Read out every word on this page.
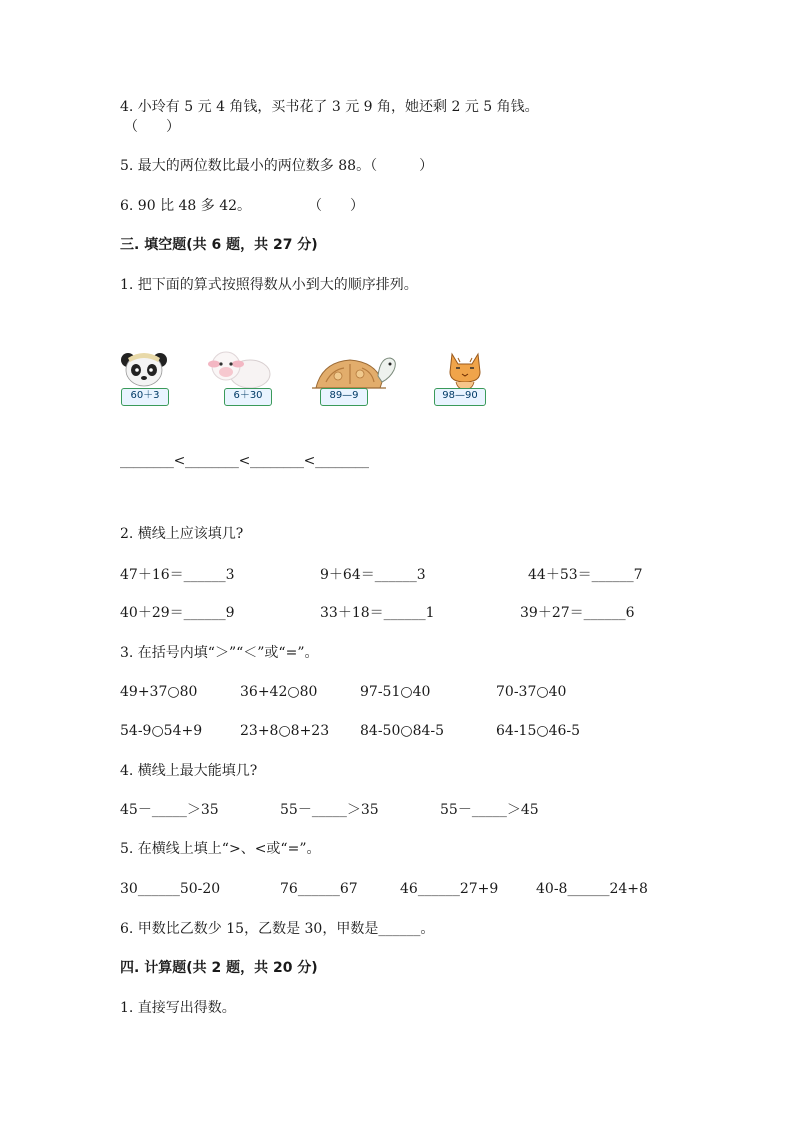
4. 小玲有 5 元 4 角钱，买书花了 3 元 9 角，她还剩 2 元 5 角钱。
（　　）
5. 最大的两位数比最小的两位数多 88。（　　　）
6. 90 比 48 多 42。	（　　）
三. 填空题(共 6 题，共 27 分)
1. 把下面的算式按照得数从小到大的顺序排列。
60＋3	6＋30	89—9	98—90
________<________<________<________
2. 横线上应该填几?
47＋16＝______3	9＋64＝______3	44＋53＝______7
40＋29＝______9	33＋18＝______1	39＋27＝______6
3. 在括号内填“＞”“＜”或“=”。
49+37○80	36+42○80	97-51○40	70-37○40
54-9○54+9	23+8○8+23 84-50○84-5	64-15○46-5
4. 横线上最大能填几?
45－_____＞35	55－_____＞35	55－_____＞45
5. 在横线上填上“>、<或“=”。
30______50-20	76______67	46______27+9	40-8______24+8
6. 甲数比乙数少 15，乙数是 30，甲数是______。
四. 计算题(共 2 题，共 20 分)
1. 直接写出得数。
